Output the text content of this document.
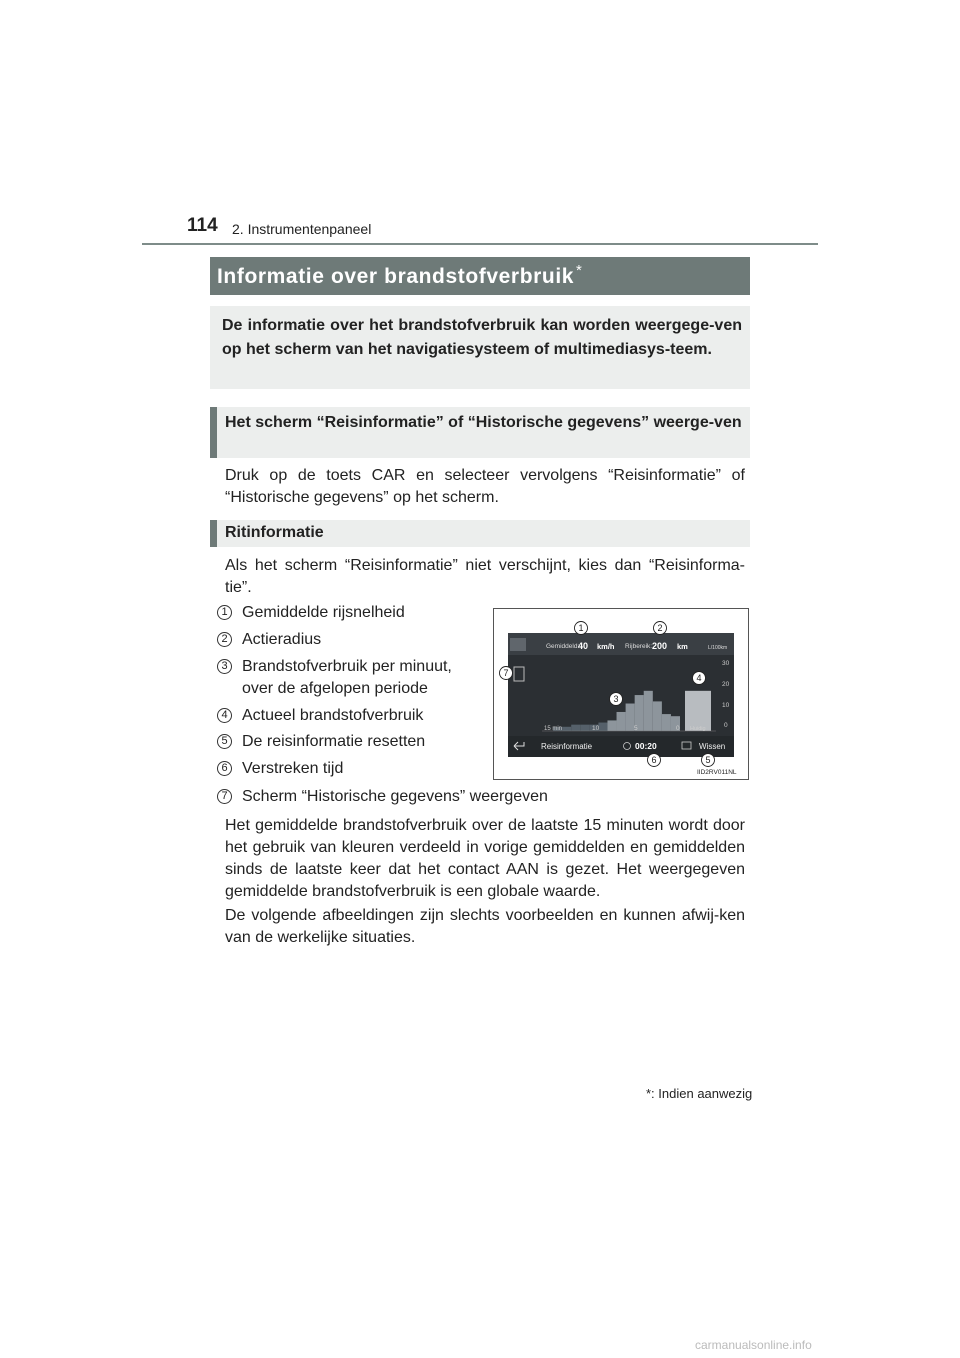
114 2. Instrumentenpaneel
Informatie over brandstofverbruik *
De informatie over het brandstofverbruik kan worden weergege-ven op het scherm van het navigatiesysteem of multimediasys-teem.
Het scherm “Reisinformatie” of “Historische gegevens” weerge-ven
Druk op de toets CAR en selecteer vervolgens “Reisinformatie” of “Historische gegevens” op het scherm.
Ritinformatie
Als het scherm “Reisinformatie” niet verschijnt, kies dan “Reisinforma-tie”.
1 Gemiddelde rijsnelheid
2 Actieradius
3 Brandstofverbruik per minuut,
over de afgelopen periode
4 Actueel brandstofverbruik
5 De reisinformatie resetten
6 Verstreken tijd
7 Scherm “Historische gegevens” weergeven
Gemiddeld:
40 km/h Rijbereik: 200 km	L/100km
30
20
10
0
15 min	10	5	0 Huidig
Reisinformatie	00:20	Wissen
1	2
3
4
5
6
7
IID2RV011NL
Het gemiddelde brandstofverbruik over de laatste 15 minuten wordt door het gebruik van kleuren verdeeld in vorige gemiddelden en gemiddelden sinds de laatste keer dat het contact AAN is gezet. Het weergegeven gemiddelde brandstofverbruik is een globale waarde.
De volgende afbeeldingen zijn slechts voorbeelden en kunnen afwij-ken van de werkelijke situaties.
*: Indien aanwezig
carmanualsonline.info
